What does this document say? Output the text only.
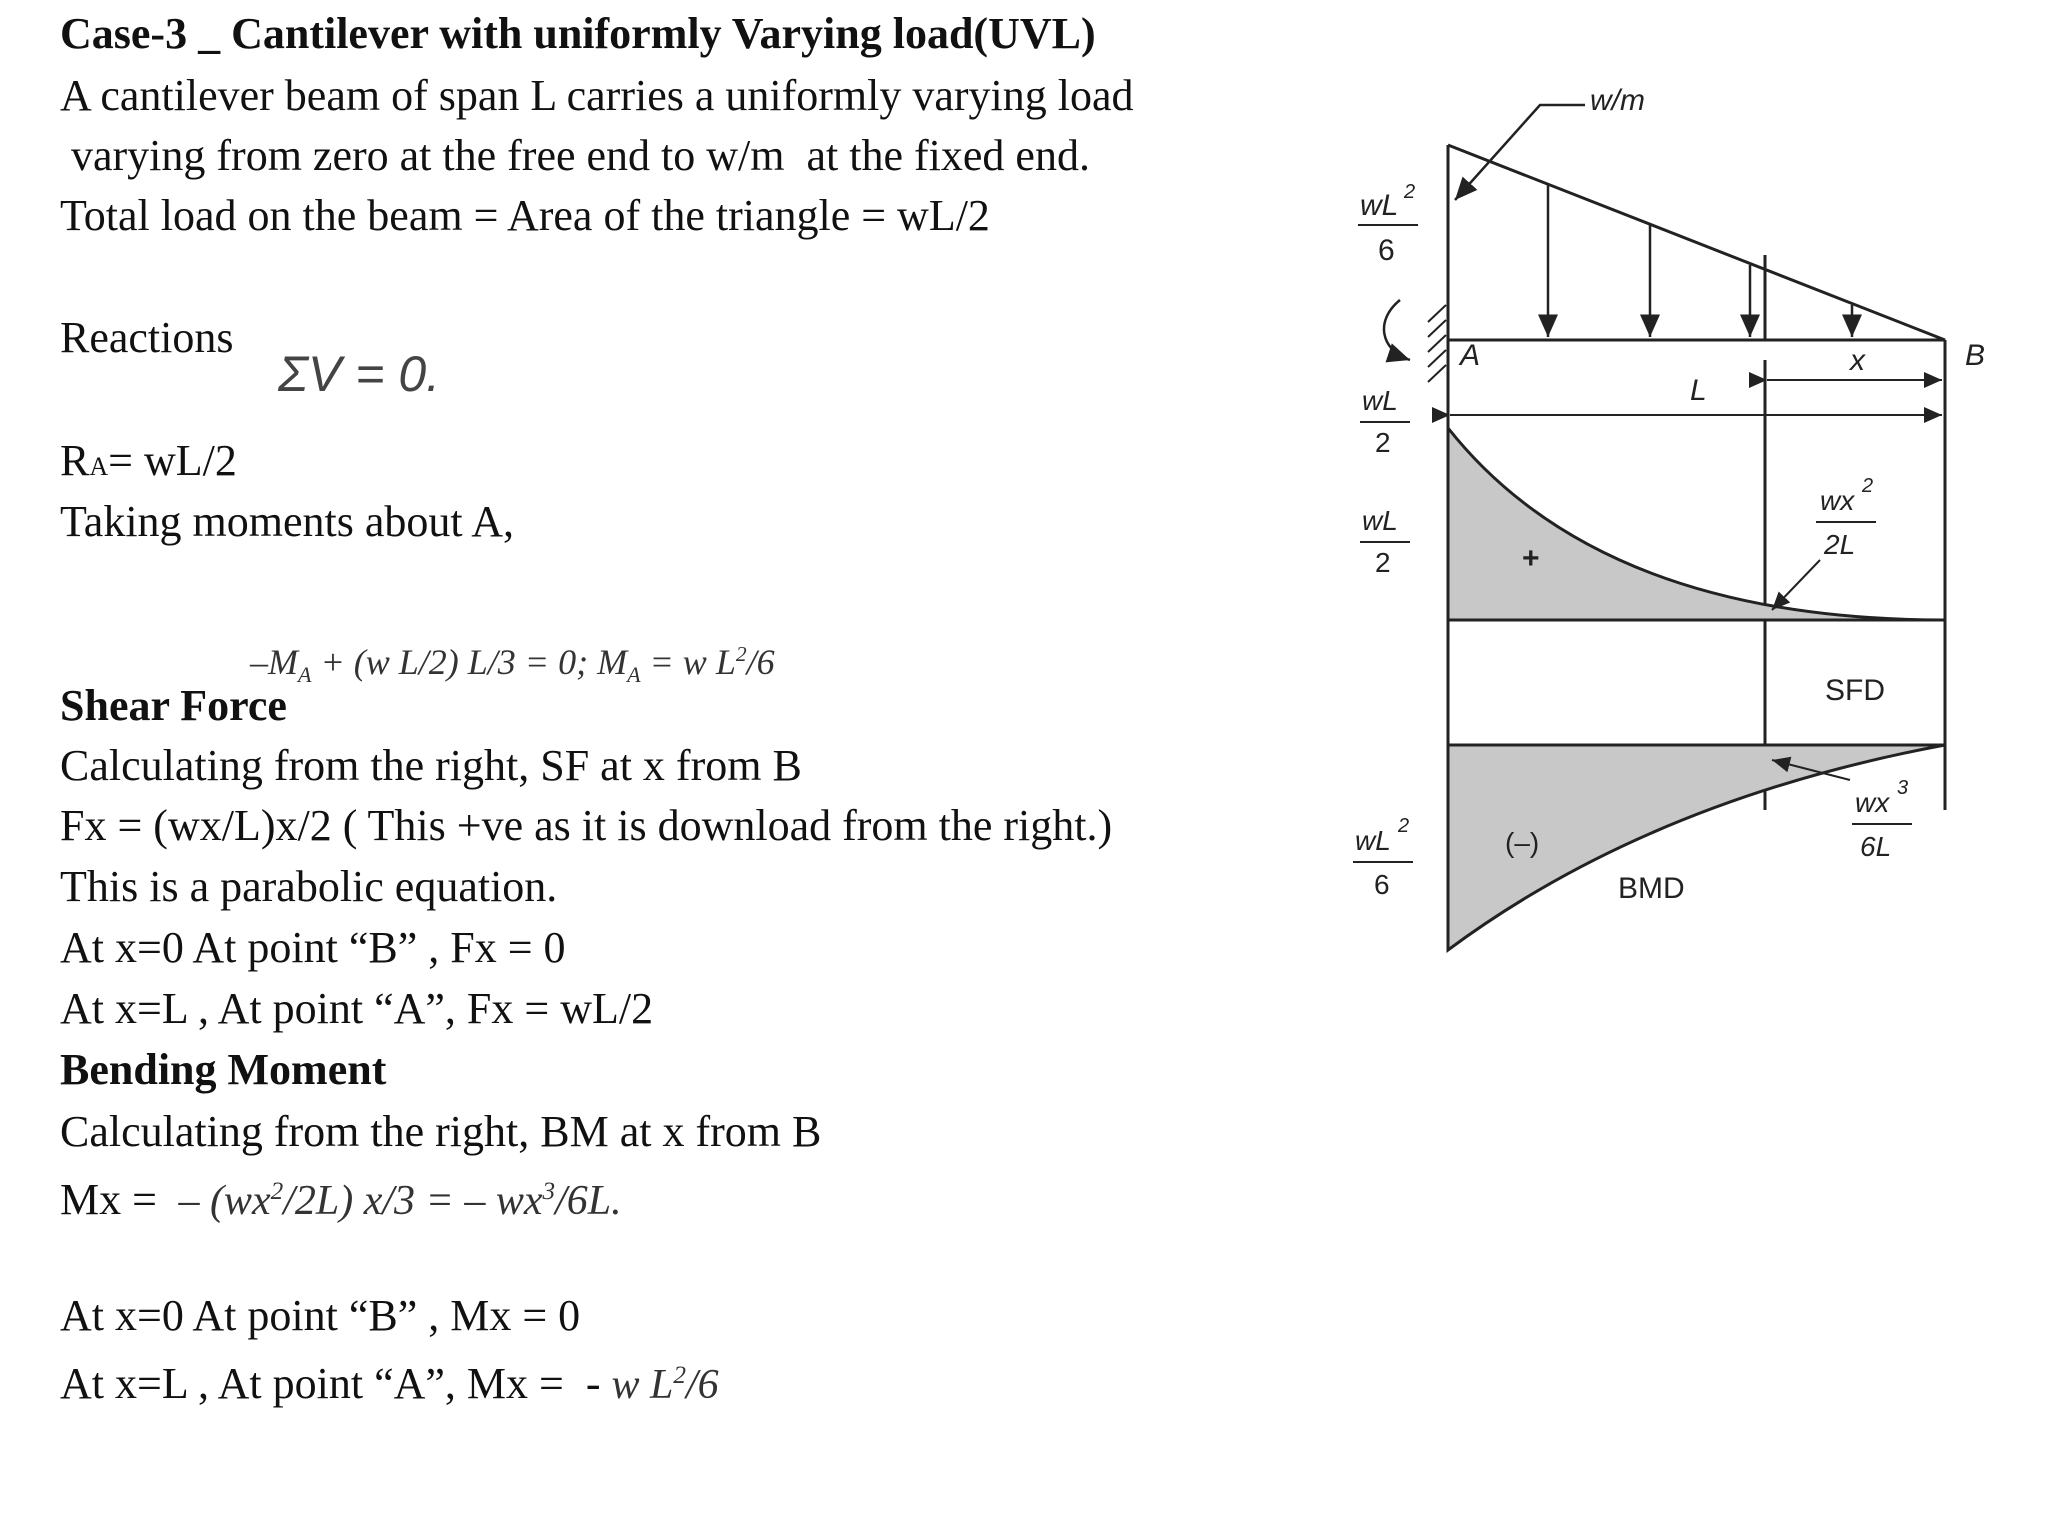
Case-3 _ Cantilever with uniformly Varying load(UVL)
A cantilever beam of span L carries a uniformly varying load
varying from zero at the free end to w/m  at the fixed end.
Total load on the beam = Area of the triangle = wL/2
Reactions
ΣV = 0.
RA= wL/2
Taking moments about A,
$-M_A + (w$ L/2) L/3 = 0; $M_A = w$ $L^2/6$
Shear Force
Calculating from the right, SF at x from B
Fx = (wx/L)x/2 ( This +ve as it is download from the right.)
This is a parabolic equation.
At x=0 At point “B” , Fx = 0
At x=L , At point “A”, Fx = wL/2
Bending Moment
Calculating from the right, BM at x from B
Mx =  – $(wx^2/2L) x/3$ = – $wx^3/6L$.
At x=0 At point “B” , Mx = 0
At x=L , At point “A”, Mx =  - w $L^2/6$
w/m
wL 2
6
A	B
L
x
wL
2
wL
2	+
wx 2
2L
SFD
wL 2
6
(–)
BMD
wx 3
6L
